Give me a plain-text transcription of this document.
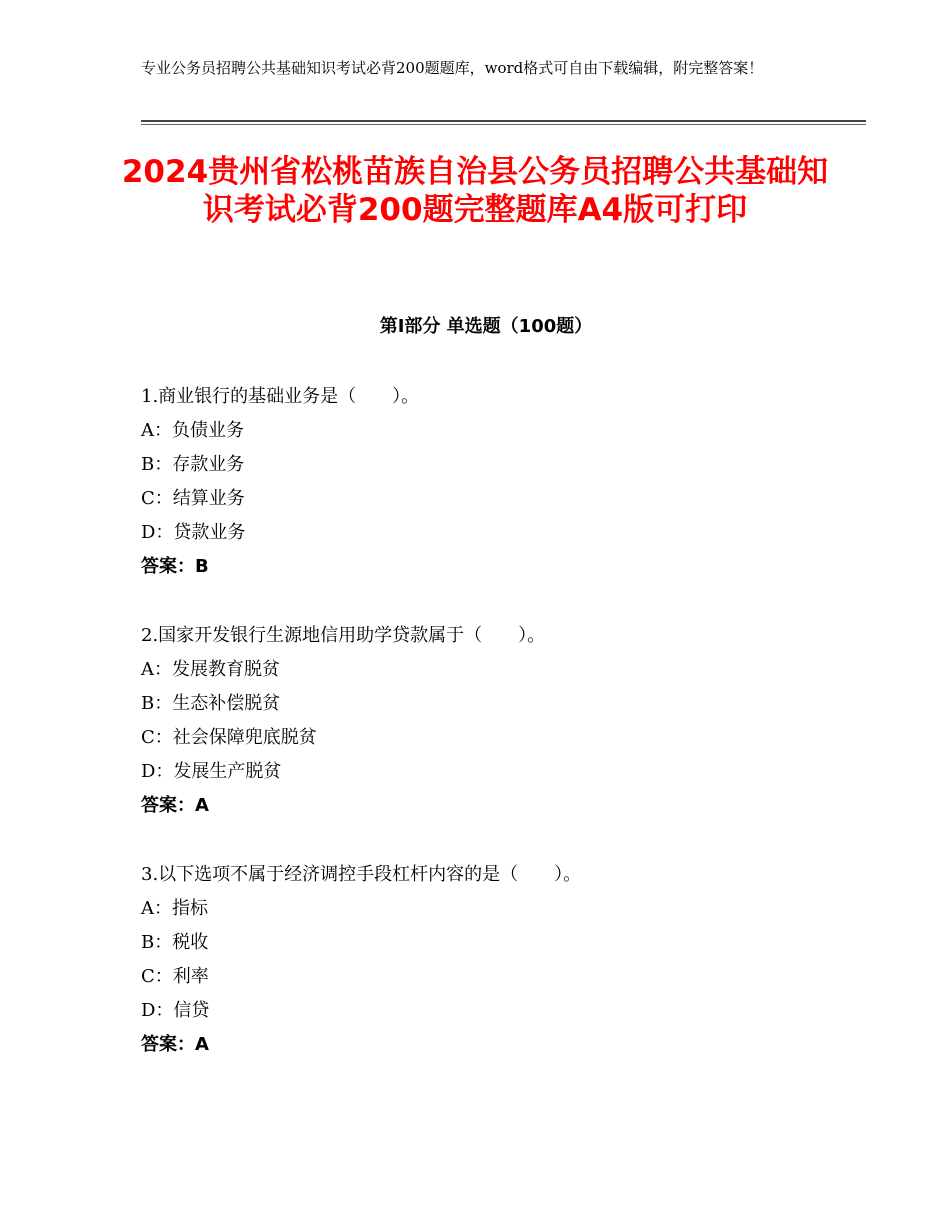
专业公务员招聘公共基础知识考试必背200题题库，word格式可自由下载编辑，附完整答案！
2024贵州省松桃苗族自治县公务员招聘公共基础知识考试必背200题完整题库A4版可打印
第Ⅰ部分 单选题（100题）
1.商业银行的基础业务是（　　）。
A：负债业务
B：存款业务
C：结算业务
D：贷款业务
答案：B
2.国家开发银行生源地信用助学贷款属于（　　）。
A：发展教育脱贫
B：生态补偿脱贫
C：社会保障兜底脱贫
D：发展生产脱贫
答案：A
3.以下选项不属于经济调控手段杠杆内容的是（　　）。
A：指标
B：税收
C：利率
D：信贷
答案：A
